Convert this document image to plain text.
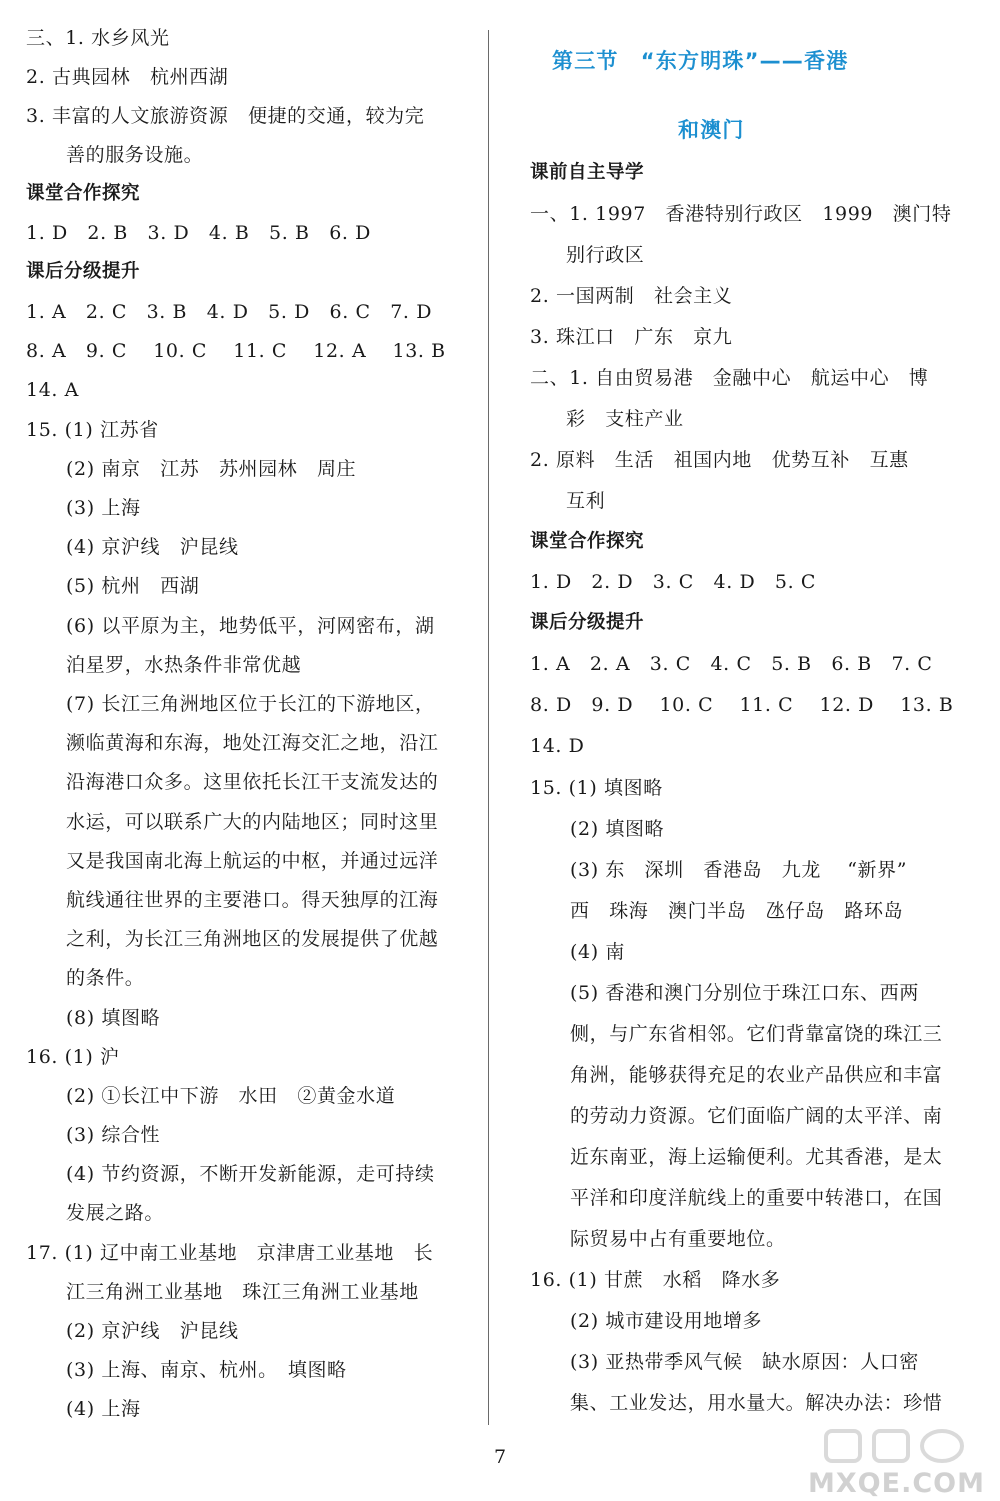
三、1. 水乡风光
2. 古典园林　杭州西湖
3. 丰富的人文旅游资源　便捷的交通，较为完
善的服务设施。
课堂合作探究
1. D　2. B　3. D　4. B　5. B　6. D
课后分级提升
1. A　2. C　3. B　4. D　5. D　6. C　7. D
8. A　9. C　 10. C　 11. C　 12. A　 13. B
14. A
15. (1) 江苏省
(2) 南京　江苏　苏州园林　周庄
(3) 上海
(4) 京沪线　沪昆线
(5) 杭州　西湖
(6) 以平原为主，地势低平，河网密布，湖
泊星罗，水热条件非常优越
(7) 长江三角洲地区位于长江的下游地区，
濒临黄海和东海，地处江海交汇之地，沿江
沿海港口众多。这里依托长江干支流发达的
水运，可以联系广大的内陆地区；同时这里
又是我国南北海上航运的中枢，并通过远洋
航线通往世界的主要港口。得天独厚的江海
之利，为长江三角洲地区的发展提供了优越
的条件。
(8) 填图略
16. (1) 沪
(2) ①长江中下游　水田　②黄金水道
(3) 综合性
(4) 节约资源，不断开发新能源，走可持续
发展之路。
17. (1) 辽中南工业基地　京津唐工业基地　长
江三角洲工业基地　珠江三角洲工业基地
(2) 京沪线　沪昆线
(3) 上海、南京、杭州。　填图略
(4) 上海
第三节　“东方明珠”——香港
和澳门
课前自主导学
一、1. 1997　香港特别行政区　1999　澳门特
别行政区
2. 一国两制　社会主义
3. 珠江口　广东　京九
二、1. 自由贸易港　金融中心　航运中心　博
彩　支柱产业
2. 原料　生活　祖国内地　优势互补　互惠
互利
课堂合作探究
1. D　2. D　3. C　4. D　5. C
课后分级提升
1. A　2. A　3. C　4. C　5. B　6. B　7. C
8. D　9. D　 10. C　 11. C　 12. D　 13. B
14. D
15. (1) 填图略
(2) 填图略
(3) 东　深圳　香港岛　九龙　 “新界”
西　珠海　澳门半岛　氹仔岛　路环岛
(4) 南
(5) 香港和澳门分别位于珠江口东、西两
侧，与广东省相邻。它们背靠富饶的珠江三
角洲，能够获得充足的农业产品供应和丰富
的劳动力资源。它们面临广阔的太平洋、南
近东南亚，海上运输便利。尤其香港，是太
平洋和印度洋航线上的重要中转港口，在国
际贸易中占有重要地位。
16. (1) 甘蔗　水稻　降水多
(2) 城市建设用地增多
(3) 亚热带季风气候　缺水原因：人口密
集、工业发达，用水量大。解决办法：珍惜
7
MXQE.COM
